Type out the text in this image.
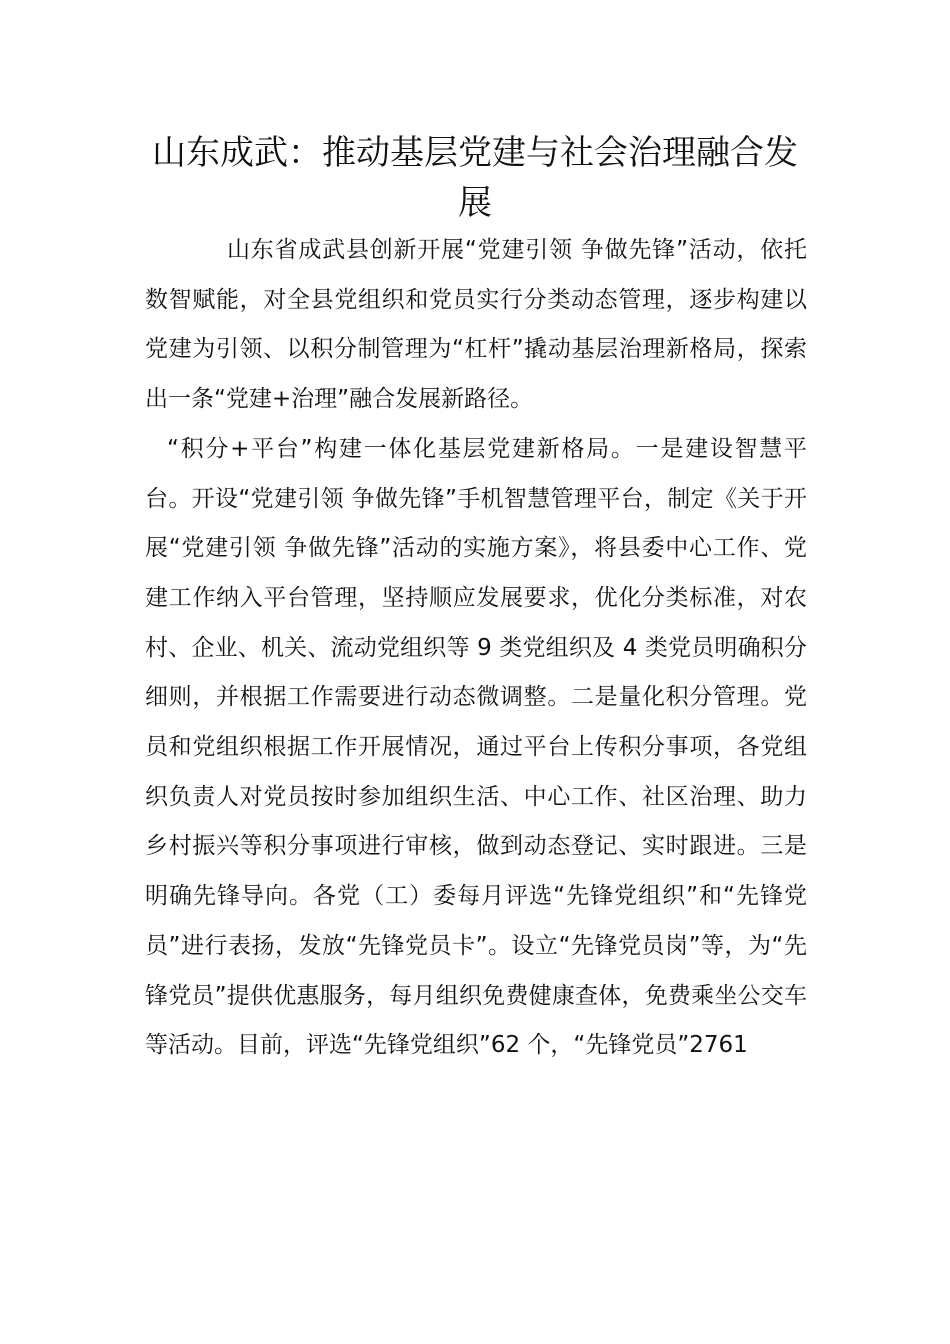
山东成武：推动基层党建与社会治理融合发展

山东省成武县创新开展“党建引领 争做先锋”活动，依托数智赋能，对全县党组织和党员实行分类动态管理，逐步构建以党建为引领、以积分制管理为“杠杆”撬动基层治理新格局，探索出一条“党建+治理”融合发展新路径。

“积分+平台”构建一体化基层党建新格局。一是建设智慧平台。开设“党建引领 争做先锋”手机智慧管理平台，制定《关于开展“党建引领 争做先锋”活动的实施方案》，将县委中心工作、党建工作纳入平台管理，坚持顺应发展要求，优化分类标准，对农村、企业、机关、流动党组织等 9 类党组织及 4 类党员明确积分细则，并根据工作需要进行动态微调整。二是量化积分管理。党员和党组织根据工作开展情况，通过平台上传积分事项，各党组织负责人对党员按时参加组织生活、中心工作、社区治理、助力乡村振兴等积分事项进行审核，做到动态登记、实时跟进。三是明确先锋导向。各党（工）委每月评选“先锋党组织”和“先锋党员”进行表扬，发放“先锋党员卡”。设立“先锋党员岗”等，为“先锋党员”提供优惠服务，每月组织免费健康查体，免费乘坐公交车等活动。目前，评选“先锋党组织”62 个，“先锋党员”2761
